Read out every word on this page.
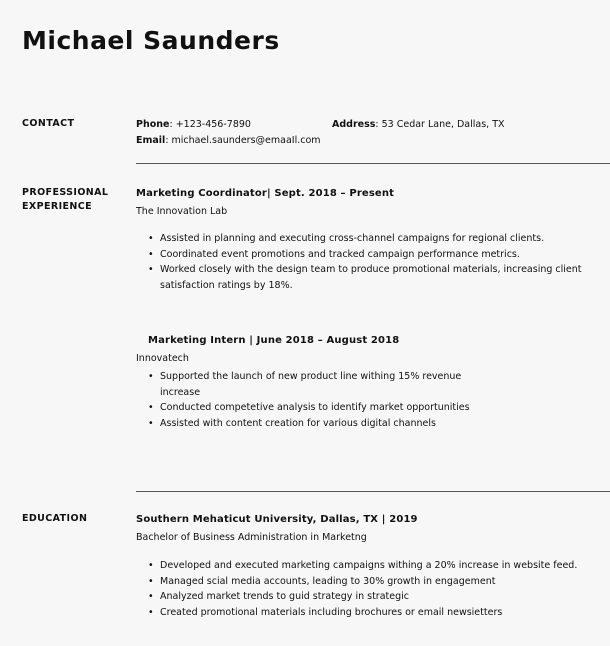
Michael Saunders
CONTACT	Phone: +123-456-7890
Email: michael.saunders@emaaIl.com
Address: 53 Cedar Lane, Dallas, TX
PROFESSIONAL
EXPERIENCE
Marketing Coordinator| Sept. 2018 – Present
The Innovation Lab
• Assisted in planning and executing cross-channel campaigns for regional clients.
• Coordinated event promotions and tracked campaign performance metrics.
• Worked closely with the design team to produce promotional materials, increasing client satisfaction ratings by 18%.
Marketing Intern | June 2018 – August 2018
Innovatech
• Supported the launch of new product line withing 15% revenue increase
• Conducted competetive analysis to identify market opportunities
• Assisted with content creation for various digital channels
EDUCATION	Southern Mehaticut University, Dallas, TX | 2019
Bachelor of Business Administration in Marketng
• Developed and executed marketing campaigns withing a 20% increase in website feed.
• Managed scial media accounts, leading to 30% growth in engagement
• Analyzed market trends to guid strategy in strategic
• Created promotional materials including brochures or email newsietters
